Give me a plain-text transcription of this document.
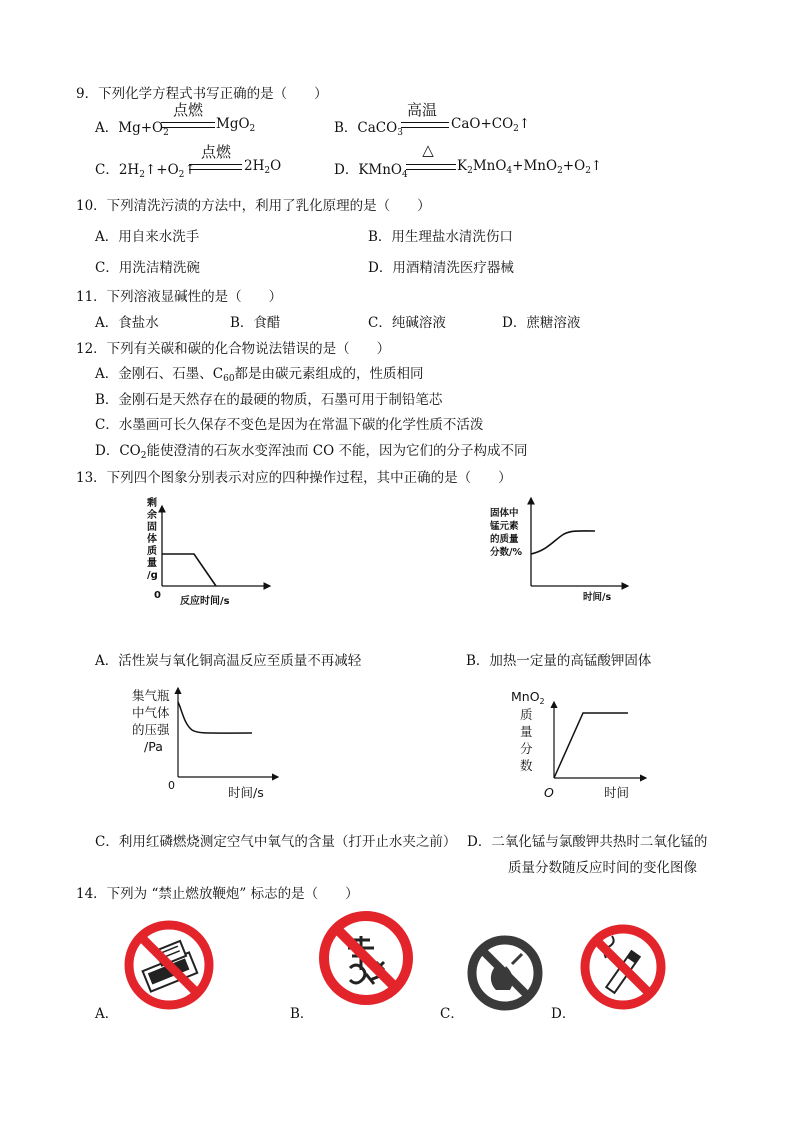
9．下列化学方程式书写正确的是（　　）
A．$Mg+O_2$
点燃
MgO$_2$	B．CaCO$_3$
高温
$CaO+CO_2↑$
C．$2H_2↑+O_2↑$
点燃
$2H_2O$	D．KMnO$_4$
△
$K_2MnO_4+MnO_2+O_2↑$
10．下列清洗污渍的方法中，利用了乳化原理的是（　　）
A．用自来水洗手	B．用生理盐水清洗伤口
C．用洗洁精洗碗	D．用酒精清洗医疗器械
11．下列溶液显碱性的是（　　）
A．食盐水	B．食醋	C．纯碱溶液	D．蔗糖溶液
12．下列有关碳和碳的化合物说法错误的是（　　）
A．金刚石、石墨、$C_{60}$都是由碳元素组成的，性质相同
B．金刚石是天然存在的最硬的物质，石墨可用于制铅笔芯
C．水墨画可长久保存不变色是因为在常温下碳的化学性质不活泼
D．$CO_2$能使澄清的石灰水变浑浊而 CO 不能，因为它们的分子构成不同
13．下列四个图象分别表示对应的四种操作过程，其中正确的是（　　）
剩
余
固
体
质
量
/g
0
反应时间/s
固体中
锰元素
的质量
分数/%
时间/s
A．活性炭与氧化铜高温反应至质量不再减轻	B．加热一定量的高锰酸钾固体
集气瓶
中气体
的压强
/Pa
0	时间/s
MnO$_2$
质
量
分
数
O	时间
C．利用红磷燃烧测定空气中氧气的含量（打开止水夹之前） D．二氧化锰与氯酸钾共热时二氧化锰的
质量分数随反应时间的变化图像
14．下列为 “禁止燃放鞭炮” 标志的是（　　）
A．	B．	C．	D．
